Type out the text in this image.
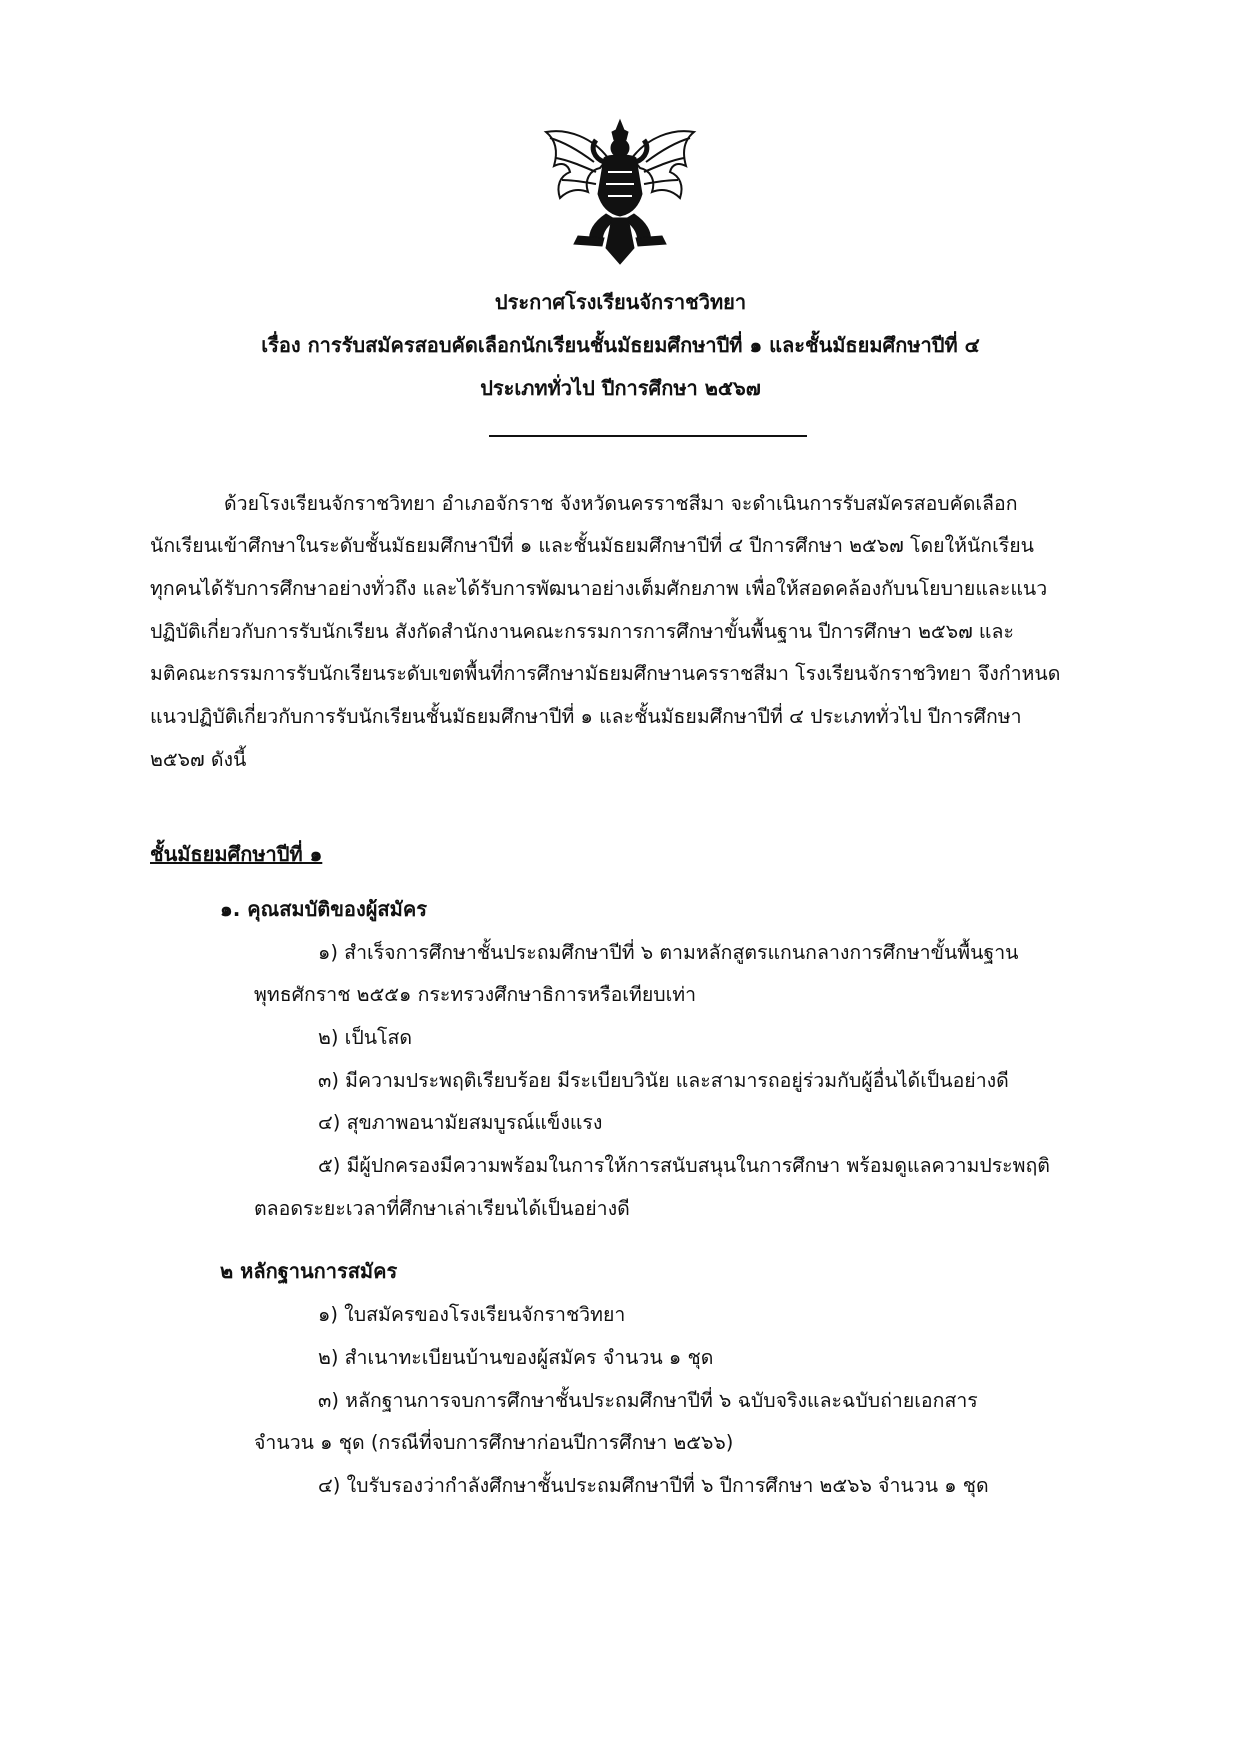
ประกาศโรงเรียนจักราชวิทยา
เรื่อง การรับสมัครสอบคัดเลือกนักเรียนชั้นมัธยมศึกษาปีที่ ๑ และชั้นมัธยมศึกษาปีที่ ๔
ประเภททั่วไป ปีการศึกษา ๒๕๖๗
ด้วยโรงเรียนจักราชวิทยา อำเภอจักราช จังหวัดนครราชสีมา จะดำเนินการรับสมัครสอบคัดเลือก
นักเรียนเข้าศึกษาในระดับชั้นมัธยมศึกษาปีที่ ๑ และชั้นมัธยมศึกษาปีที่ ๔ ปีการศึกษา ๒๕๖๗ โดยให้นักเรียน
ทุกคนได้รับการศึกษาอย่างทั่วถึง และได้รับการพัฒนาอย่างเต็มศักยภาพ เพื่อให้สอดคล้องกับนโยบายและแนว
ปฏิบัติเกี่ยวกับการรับนักเรียน สังกัดสำนักงานคณะกรรมการการศึกษาขั้นพื้นฐาน ปีการศึกษา ๒๕๖๗ และ
มติคณะกรรมการรับนักเรียนระดับเขตพื้นที่การศึกษามัธยมศึกษานครราชสีมา โรงเรียนจักราชวิทยา จึงกำหนด
แนวปฏิบัติเกี่ยวกับการรับนักเรียนชั้นมัธยมศึกษาปีที่ ๑ และชั้นมัธยมศึกษาปีที่ ๔ ประเภททั่วไป ปีการศึกษา
๒๕๖๗ ดังนี้
ชั้นมัธยมศึกษาปีที่ ๑
๑. คุณสมบัติของผู้สมัคร
๑) สำเร็จการศึกษาชั้นประถมศึกษาปีที่ ๖ ตามหลักสูตรแกนกลางการศึกษาขั้นพื้นฐาน
พุทธศักราช ๒๕๕๑ กระทรวงศึกษาธิการหรือเทียบเท่า
๒) เป็นโสด
๓) มีความประพฤติเรียบร้อย มีระเบียบวินัย และสามารถอยู่ร่วมกับผู้อื่นได้เป็นอย่างดี
๔) สุขภาพอนามัยสมบูรณ์แข็งแรง
๕) มีผู้ปกครองมีความพร้อมในการให้การสนับสนุนในการศึกษา พร้อมดูแลความประพฤติ
ตลอดระยะเวลาที่ศึกษาเล่าเรียนได้เป็นอย่างดี
๒ หลักฐานการสมัคร
๑) ใบสมัครของโรงเรียนจักราชวิทยา
๒) สำเนาทะเบียนบ้านของผู้สมัคร จำนวน ๑ ชุด
๓) หลักฐานการจบการศึกษาชั้นประถมศึกษาปีที่ ๖ ฉบับจริงและฉบับถ่ายเอกสาร
จำนวน ๑ ชุด (กรณีที่จบการศึกษาก่อนปีการศึกษา ๒๕๖๖)
๔) ใบรับรองว่ากำลังศึกษาชั้นประถมศึกษาปีที่ ๖ ปีการศึกษา ๒๕๖๖ จำนวน ๑ ชุด
